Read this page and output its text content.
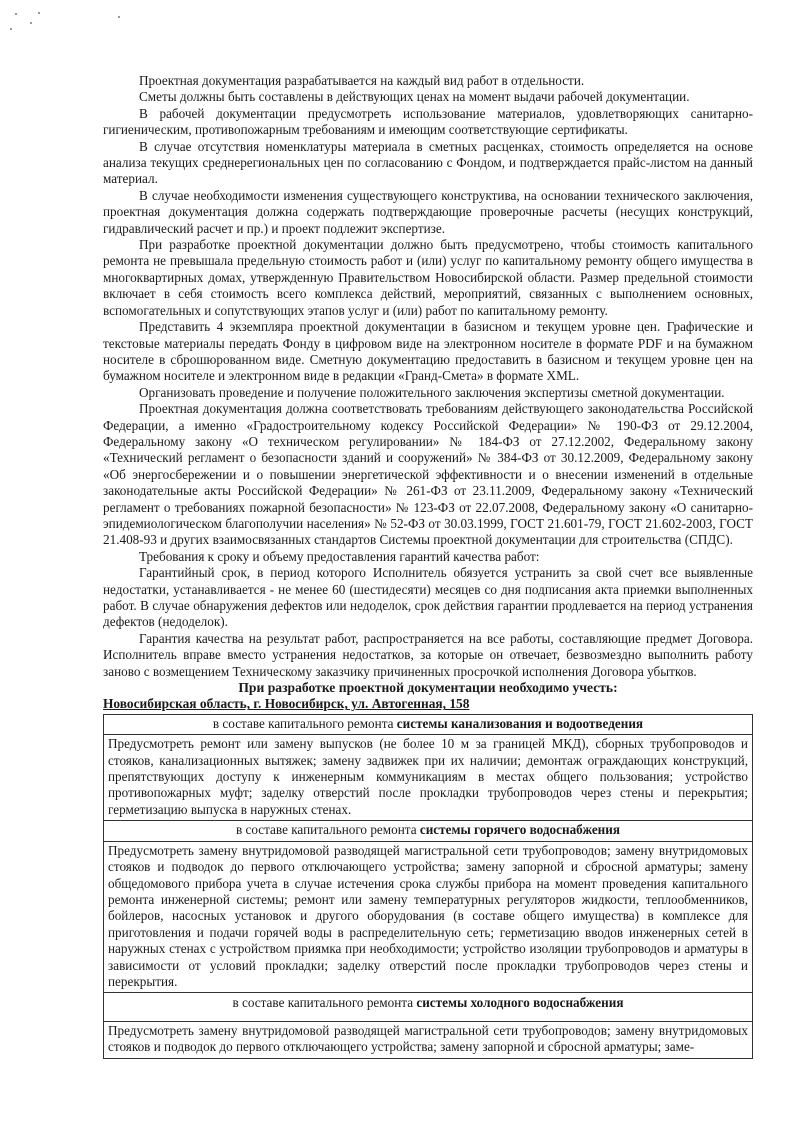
Проектная документация разрабатывается на каждый вид работ в отдельности.

Сметы должны быть составлены в действующих ценах на момент выдачи рабочей документации.

В рабочей документации предусмотреть использование материалов, удовлетворяющих санитарно-гигиеническим, противопожарным требованиям и имеющим соответствующие сертификаты.

В случае отсутствия номенклатуры материала в сметных расценках, стоимость определяется на основе анализа текущих среднерегиональных цен по согласованию с Фондом, и подтверждается прайс-листом на данный материал.

В случае необходимости изменения существующего конструктива, на основании технического заключения, проектная документация должна содержать подтверждающие проверочные расчеты (несущих конструкций, гидравлический расчет и пр.) и проект подлежит экспертизе.

При разработке проектной документации должно быть предусмотрено, чтобы стоимость капитального ремонта не превышала предельную стоимость работ и (или) услуг по капитальному ремонту общего имущества в многоквартирных домах, утвержденную Правительством Новосибирской области. Размер предельной стоимости включает в себя стоимость всего комплекса действий, мероприятий, связанных с выполнением основных, вспомогательных и сопутствующих этапов услуг и (или) работ по капитальному ремонту.

Представить 4 экземпляра проектной документации в базисном и текущем уровне цен. Графические и текстовые материалы передать Фонду в цифровом виде на электронном носителе в формате PDF и на бумажном носителе в сброшюрованном виде. Сметную документацию предоставить в базисном и текущем уровне цен на бумажном носителе и электронном виде в редакции «Гранд-Смета» в формате XML.

Организовать проведение и получение положительного заключения экспертизы сметной документации.

Проектная документация должна соответствовать требованиям действующего законодательства Российской Федерации, а именно «Градостроительному кодексу Российской Федерации» № 190-ФЗ от 29.12.2004, Федеральному закону «О техническом регулировании» № 184-ФЗ от 27.12.2002, Федеральному закону «Технический регламент о безопасности зданий и сооружений» № 384-ФЗ от 30.12.2009, Федеральному закону «Об энергосбережении и о повышении энергетической эффективности и о внесении изменений в отдельные законодательные акты Российской Федерации» № 261-ФЗ от 23.11.2009, Федеральному закону «Технический регламент о требованиях пожарной безопасности» № 123-ФЗ от 22.07.2008, Федеральному закону «О санитарно-эпидемиологическом благополучии населения» № 52-ФЗ от 30.03.1999, ГОСТ 21.601-79, ГОСТ 21.602-2003, ГОСТ 21.408-93 и других взаимосвязанных стандартов Системы проектной документации для строительства (СПДС).

Требования к сроку и объему предоставления гарантий качества работ:

Гарантийный срок, в период которого Исполнитель обязуется устранить за свой счет все выявленные недостатки, устанавливается - не менее 60 (шестидесяти) месяцев со дня подписания акта приемки выполненных работ. В случае обнаружения дефектов или недоделок, срок действия гарантии продлевается на период устранения дефектов (недоделок).

Гарантия качества на результат работ, распространяется на все работы, составляющие предмет Договора. Исполнитель вправе вместо устранения недостатков, за которые он отвечает, безвозмездно выполнить работу заново с возмещением Техническому заказчику причиненных просрочкой исполнения Договора убытков.

При разработке проектной документации необходимо учесть:

Новосибирская область, г. Новосибирск, ул. Автогенная, 158

в составе капитального ремонта системы канализования и водоотведения
Предусмотреть ремонт или замену выпусков (не более 10 м за границей МКД), сборных трубопроводов и стояков, канализационных вытяжек; замену задвижек при их наличии; демонтаж ограждающих конструкций, препятствующих доступу к инженерным коммуникациям в местах общего пользования; устройство противопожарных муфт; заделку отверстий после прокладки трубопроводов через стены и перекрытия; герметизацию выпуска в наружных стенах.
в составе капитального ремонта системы горячего водоснабжения
Предусмотреть замену внутридомовой разводящей магистральной сети трубопроводов; замену внутридомовых стояков и подводок до первого отключающего устройства; замену запорной и сбросной арматуры; замену общедомового прибора учета в случае истечения срока службы прибора на момент проведения капитального ремонта инженерной системы; ремонт или замену температурных регуляторов жидкости, теплообменников, бойлеров, насосных установок и другого оборудования (в составе общего имущества) в комплексе для приготовления и подачи горячей воды в распределительную сеть; герметизацию вводов инженерных сетей в наружных стенах с устройством приямка при необходимости; устройство изоляции трубопроводов и арматуры в зависимости от условий прокладки; заделку отверстий после прокладки трубопроводов через стены и перекрытия.
в составе капитального ремонта системы холодного водоснабжения
Предусмотреть замену внутридомовой разводящей магистральной сети трубопроводов; замену внутридомовых стояков и подводок до первого отключающего устройства; замену запорной и сбросной арматуры; заме-
